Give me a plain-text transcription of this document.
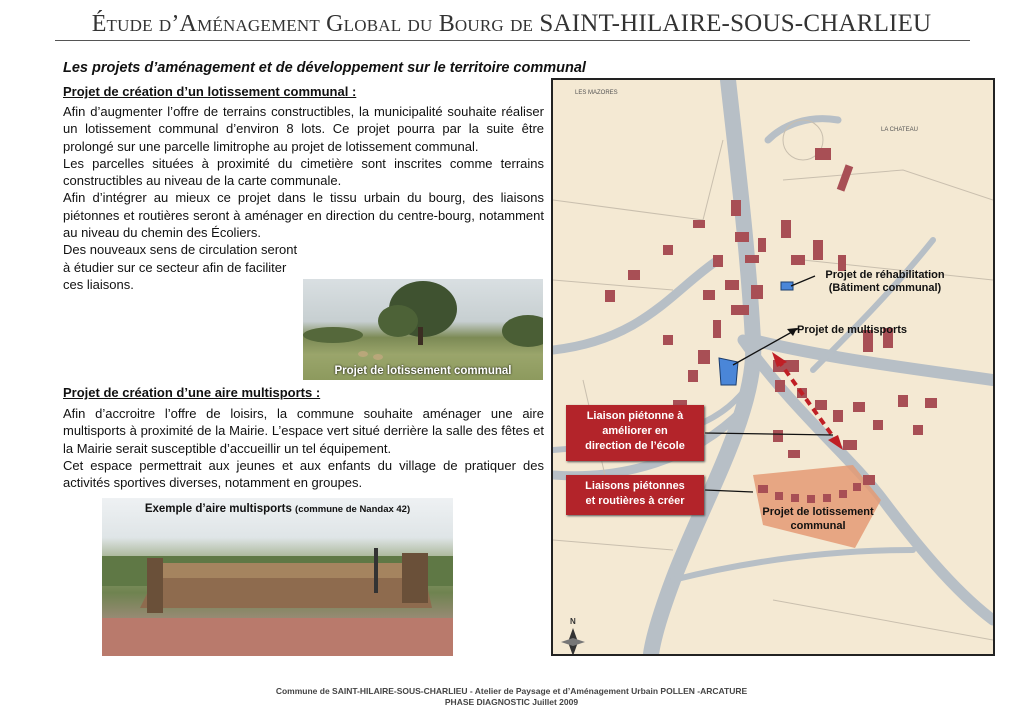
Étude d’Aménagement Global du Bourg de SAINT-HILAIRE-SOUS-CHARLIEU
Les projets d’aménagement et de développement sur le territoire communal
Projet de création d’un lotissement communal :

Afin d’augmenter l’offre de terrains constructibles, la municipalité souhaite réaliser un lotissement communal d’environ 8 lots. Ce projet pourra par la suite être prolongé sur une parcelle limitrophe au projet de lotissement communal.

Les parcelles situées à proximité du cimetière sont inscrites comme terrains constructibles au niveau de la carte communale.

Afin d’intégrer au mieux ce projet dans le tissu urbain du bourg, des liaisons piétonnes et routières seront à aménager en direction du centre-bourg, notamment au niveau du chemin des Écoliers.

Des nouveaux sens de circulation seront à étudier sur ce secteur afin de faciliter ces liaisons.

Projet de lotissement communal
Projet de création d’une aire multisports :

Afin d’accroitre l’offre de loisirs, la commune souhaite aménager une aire multisports à proximité de la Mairie. L’espace vert situé derrière la salle des fêtes et la Mairie serait susceptible d’accueillir un tel équipement.

Cet espace permettrait aux jeunes et aux enfants du village de pratiquer des activités sportives diverses, notamment en groupes.

Exemple d’aire multisports (commune de Nandax 42)
LES MAZORES
LA CHATEAU
N
Projet de réhabilitation
(Bâtiment communal)
Projet de multisports
Liaison piétonne à
améliorer en
direction de l’école
Liaisons piétonnes
et routières à créer
Projet de lotissement
communal
Commune de SAINT-HILAIRE-SOUS-CHARLIEU - Atelier de Paysage et d’Aménagement Urbain POLLEN -ARCATURE
PHASE DIAGNOSTIC Juillet 2009
